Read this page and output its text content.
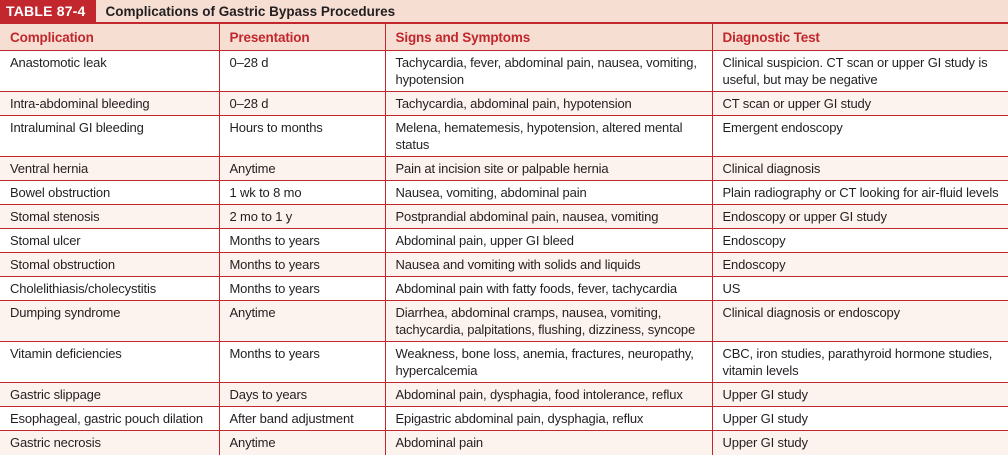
TABLE 87-4	Complications of Gastric Bypass Procedures
Complication	Presentation	Signs and Symptoms	Diagnostic Test
Anastomotic leak	0–28 d	Tachycardia, fever, abdominal pain, nausea, vomiting, hypotension	Clinical suspicion. CT scan or upper GI study is useful, but may be negative
Intra-abdominal bleeding	0–28 d	Tachycardia, abdominal pain, hypotension	CT scan or upper GI study
Intraluminal GI bleeding	Hours to months	Melena, hematemesis, hypotension, altered mental status	Emergent endoscopy
Ventral hernia	Anytime	Pain at incision site or palpable hernia	Clinical diagnosis
Bowel obstruction	1 wk to 8 mo	Nausea, vomiting, abdominal pain	Plain radiography or CT looking for air-fluid levels
Stomal stenosis	2 mo to 1 y	Postprandial abdominal pain, nausea, vomiting	Endoscopy or upper GI study
Stomal ulcer	Months to years	Abdominal pain, upper GI bleed	Endoscopy
Stomal obstruction	Months to years	Nausea and vomiting with solids and liquids	Endoscopy
Cholelithiasis/cholecystitis	Months to years	Abdominal pain with fatty foods, fever, tachycardia	US
Dumping syndrome	Anytime	Diarrhea, abdominal cramps, nausea, vomiting, tachycardia, palpitations, flushing, dizziness, syncope	Clinical diagnosis or endoscopy
Vitamin deficiencies	Months to years	Weakness, bone loss, anemia, fractures, neuropathy, hypercalcemia	CBC, iron studies, parathyroid hormone studies, vitamin levels
Gastric slippage	Days to years	Abdominal pain, dysphagia, food intolerance, reflux	Upper GI study
Esophageal, gastric pouch dilation	After band adjustment	Epigastric abdominal pain, dysphagia, reflux	Upper GI study
Gastric necrosis	Anytime	Abdominal pain	Upper GI study
